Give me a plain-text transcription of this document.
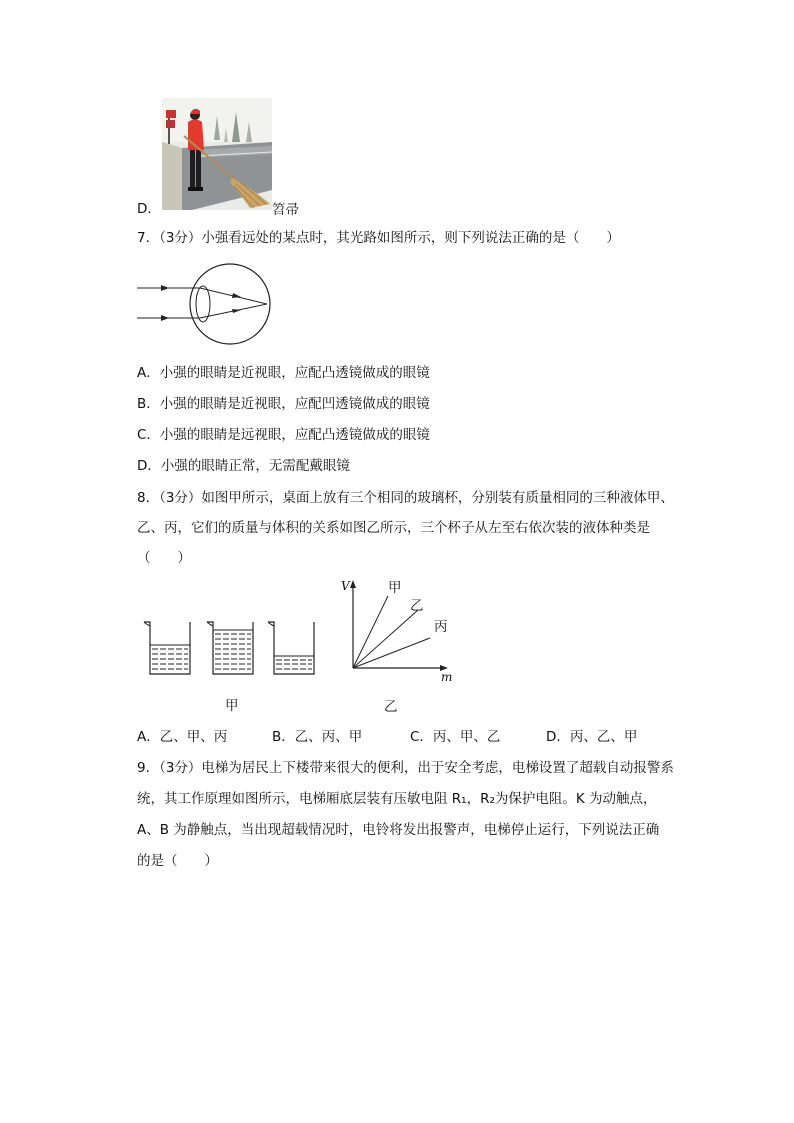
D．	笤帚
7．（3分）小强看远处的某点时，其光路如图所示，则下列说法正确的是（　　）
A．小强的眼睛是近视眼，应配凸透镜做成的眼镜
B．小强的眼睛是近视眼，应配凹透镜做成的眼镜
C．小强的眼睛是远视眼，应配凸透镜做成的眼镜
D．小强的眼睛正常，无需配戴眼镜
8．（3分）如图甲所示，桌面上放有三个相同的玻璃杯，分别装有质量相同的三种液体甲、
乙、丙，它们的质量与体积的关系如图乙所示，三个杯子从左至右依次装的液体种类是
（　　）
甲
V
m
甲
乙
丙
乙
A．乙、甲、丙	B．乙、丙、甲	C．丙、甲、乙	D．丙、乙、甲
9．（3分）电梯为居民上下楼带来很大的便利，出于安全考虑，电梯设置了超载自动报警系
统，其工作原理如图所示，电梯厢底层装有压敏电阻 R₁，R₂为保护电阻。K 为动触点，
A、B 为静触点，当出现超载情况时，电铃将发出报警声，电梯停止运行，下列说法正确
的是（　　）
